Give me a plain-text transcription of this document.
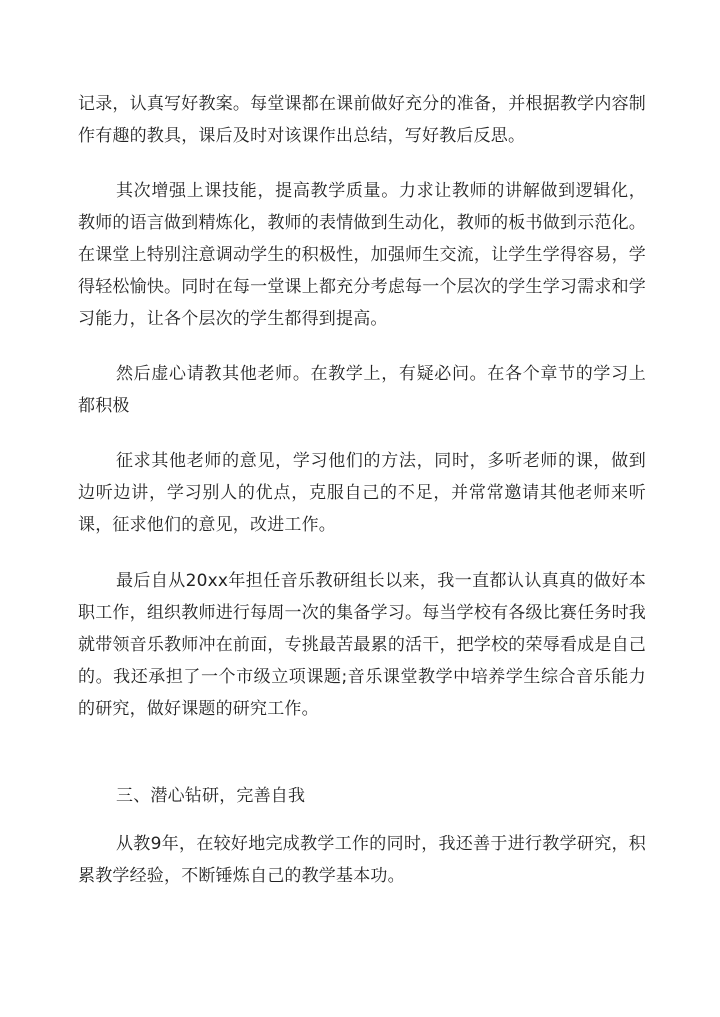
记录，认真写好教案。每堂课都在课前做好充分的准备，并根据教学内容制作有趣的教具，课后及时对该课作出总结，写好教后反思。

其次增强上课技能，提高教学质量。力求让教师的讲解做到逻辑化，教师的语言做到精炼化，教师的表情做到生动化，教师的板书做到示范化。在课堂上特别注意调动学生的积极性，加强师生交流，让学生学得容易，学得轻松愉快。同时在每一堂课上都充分考虑每一个层次的学生学习需求和学习能力，让各个层次的学生都得到提高。

然后虚心请教其他老师。在教学上，有疑必问。在各个章节的学习上都积极

征求其他老师的意见，学习他们的方法，同时，多听老师的课，做到边听边讲，学习别人的优点，克服自己的不足，并常常邀请其他老师来听课，征求他们的意见，改进工作。

最后自从20xx年担任音乐教研组长以来，我一直都认认真真的做好本职工作，组织教师进行每周一次的集备学习。每当学校有各级比赛任务时我就带领音乐教师冲在前面，专挑最苦最累的活干，把学校的荣辱看成是自己的。我还承担了一个市级立项课题;音乐课堂教学中培养学生综合音乐能力的研究，做好课题的研究工作。

三、潜心钻研，完善自我

从教9年，在较好地完成教学工作的同时，我还善于进行教学研究，积累教学经验，不断锤炼自己的教学基本功。
